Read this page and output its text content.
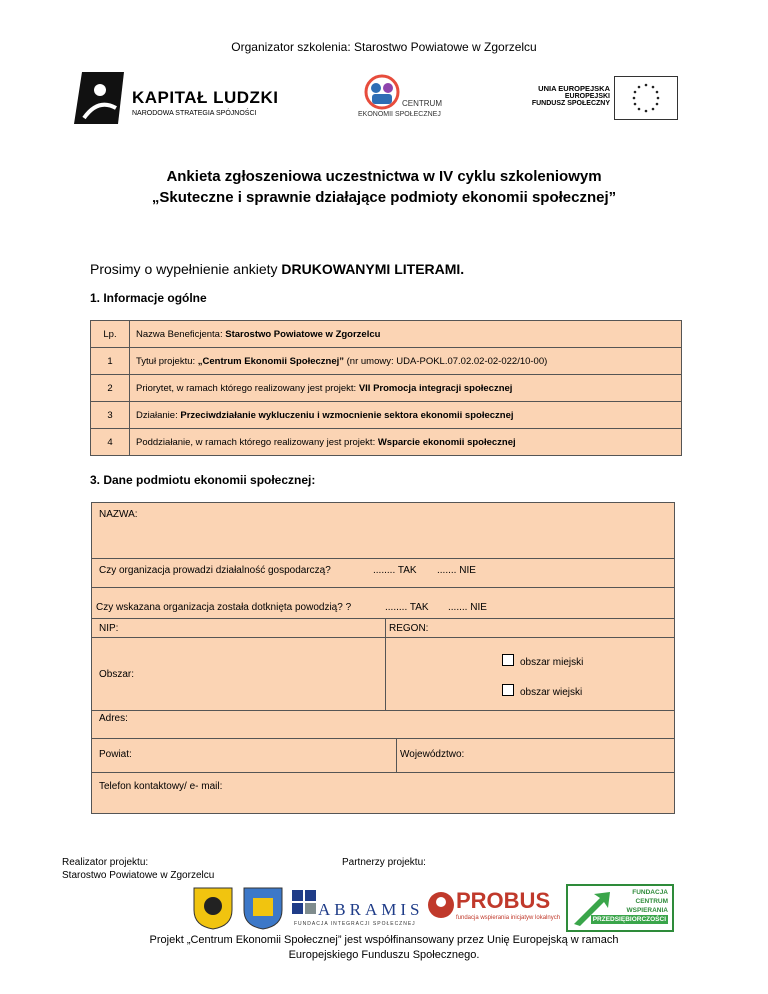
Organizator szkolenia: Starostwo Powiatowe w Zgorzelcu
KAPITAŁ LUDZKI
NARODOWA STRATEGIA SPÓJNOŚCI
CENTRUM
EKONOMII SPOŁECZNEJ
UNIA EUROPEJSKA
EUROPEJSKI
FUNDUSZ SPOŁECZNY
Ankieta zgłoszeniowa uczestnictwa w IV cyklu szkoleniowym
„Skuteczne i sprawnie działające podmioty ekonomii społecznej”
Prosimy o wypełnienie ankiety DRUKOWANYMI LITERAMI.
1. Informacje ogólne
Lp.	Nazwa Beneficjenta: Starostwo Powiatowe w Zgorzelcu
1	Tytuł projektu: „Centrum Ekonomii Społecznej” (nr umowy: UDA-POKL.07.02.02-02-022/10-00)
2	Priorytet, w ramach którego realizowany jest projekt: VII Promocja integracji społecznej
3	Działanie: Przeciwdziałanie wykluczeniu i wzmocnienie sektora ekonomii społecznej
4	Poddziałanie, w ramach którego realizowany jest projekt: Wsparcie ekonomii społecznej
3. Dane podmiotu ekonomii społecznej:
NAZWA:
Czy organizacja prowadzi działalność gospodarczą?	........ TAK ....... NIE
Czy wskazana organizacja została dotknięta powodzią? ?	........ TAK ....... NIE
NIP:	REGON:
Obszar:
obszar miejski
obszar wiejski
Adres:
Powiat:	Województwo:
Telefon kontaktowy/ e- mail:
Realizator projektu:
Starostwo Powiatowe w Zgorzelcu
Partnerzy projektu:
ABRAMIS
FUNDACJA INTEGRACJI SPOŁECZNEJ
PROBUS
fundacja wspierania inicjatyw lokalnych
FUNDACJA
CENTRUM
WSPIERANIA
PRZEDSIĘBIORCZOŚCI
Projekt „Centrum Ekonomii Społecznej” jest współfinansowany przez Unię Europejską w ramach
Europejskiego Funduszu Społecznego.
